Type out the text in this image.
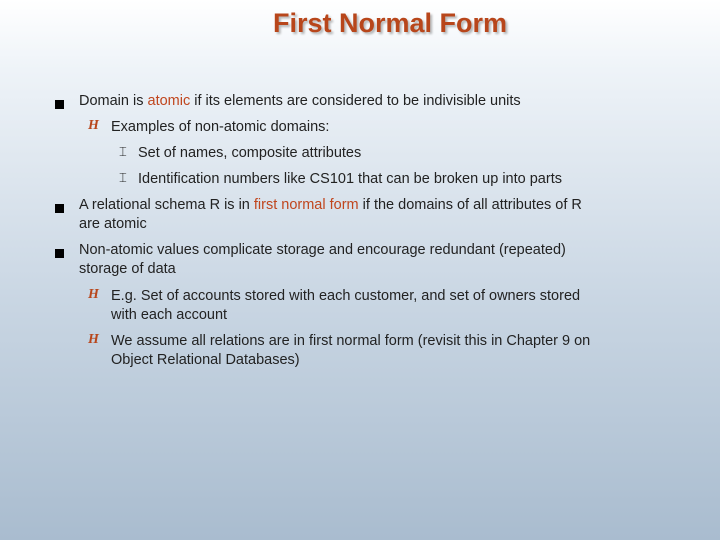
First Normal Form
Domain is atomic if its elements are considered to be indivisible units
H Examples of non-atomic domains:
⌶ Set of names, composite attributes
⌶ Identification numbers like CS101 that can be broken up into parts
A relational schema R is in first normal form if the domains of all attributes of R
are atomic
Non-atomic values complicate storage and encourage redundant (repeated)
storage of data
H E.g. Set of accounts stored with each customer, and set of owners stored
with each account
H We assume all relations are in first normal form (revisit this in Chapter 9 on
Object Relational Databases)
